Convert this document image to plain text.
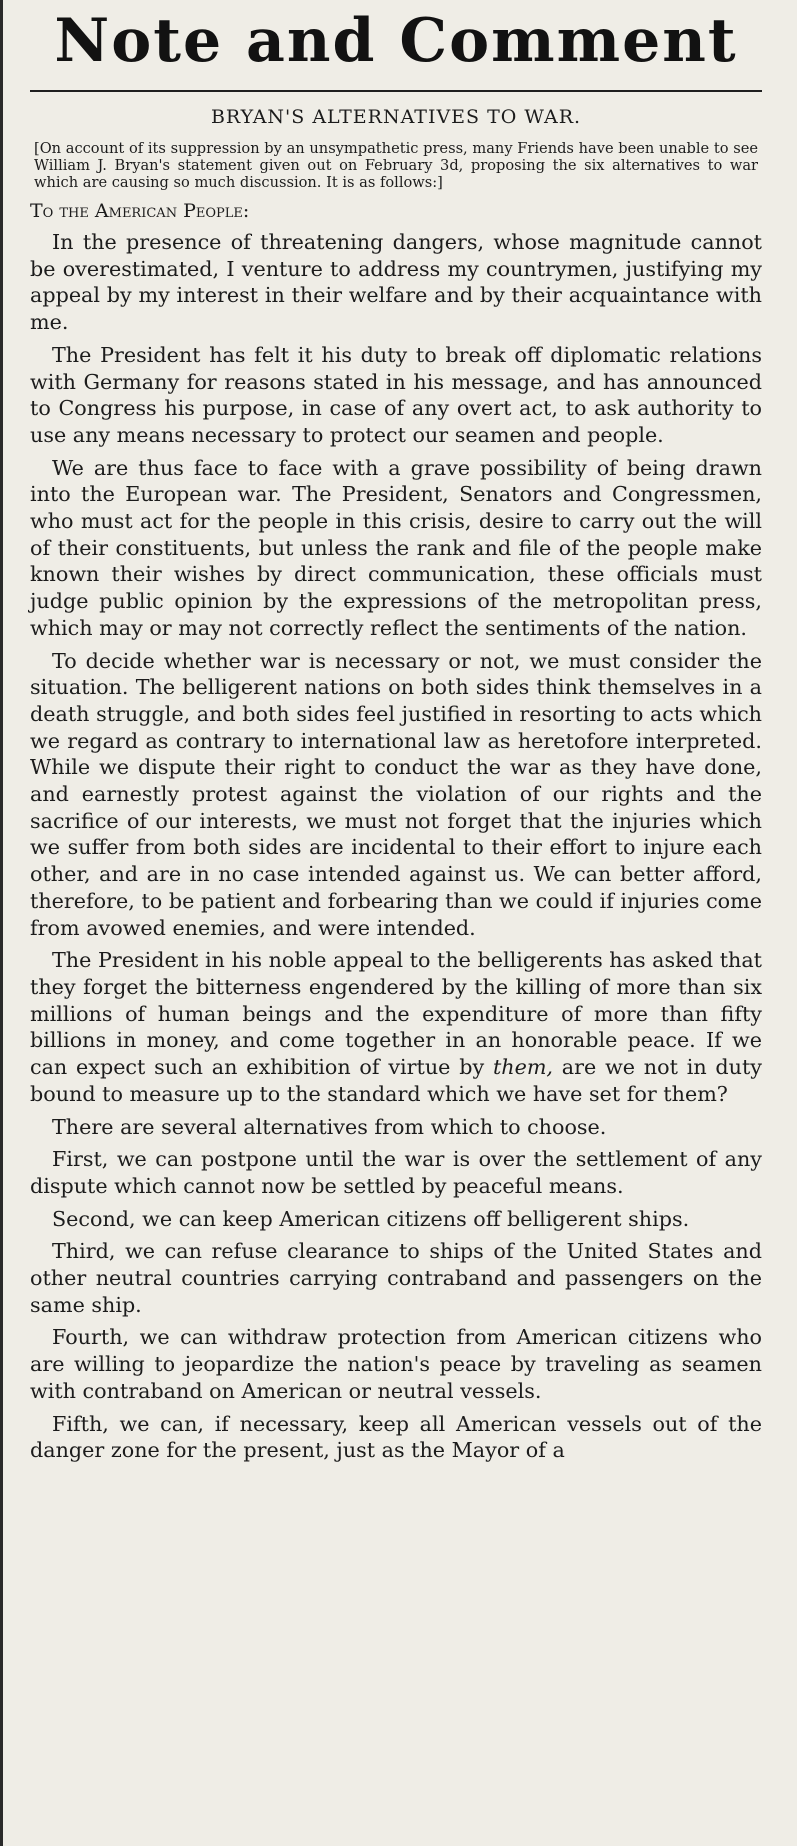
Note and Comment
BRYAN'S ALTERNATIVES TO WAR.

[On account of its suppression by an unsympathetic press, many Friends have been unable to see William J. Bryan's statement given out on February 3d, proposing the six alternatives to war which are causing so much discussion. It is as follows:]

To the American People:

In the presence of threatening dangers, whose magnitude cannot be overestimated, I venture to address my countrymen, justifying my appeal by my interest in their welfare and by their acquaintance with me.

The President has felt it his duty to break off diplomatic relations with Germany for reasons stated in his message, and has announced to Congress his purpose, in case of any overt act, to ask authority to use any means necessary to protect our seamen and people.

We are thus face to face with a grave possibility of being drawn into the European war. The President, Senators and Congressmen, who must act for the people in this crisis, desire to carry out the will of their constituents, but unless the rank and file of the people make known their wishes by direct communication, these officials must judge public opinion by the expressions of the metropolitan press, which may or may not correctly reflect the sentiments of the nation.

To decide whether war is necessary or not, we must consider the situation. The belligerent nations on both sides think themselves in a death struggle, and both sides feel justified in resorting to acts which we regard as contrary to international law as heretofore interpreted. While we dispute their right to conduct the war as they have done, and earnestly protest against the violation of our rights and the sacrifice of our interests, we must not forget that the injuries which we suffer from both sides are incidental to their effort to injure each other, and are in no case intended against us. We can better afford, therefore, to be patient and forbearing than we could if injuries come from avowed enemies, and were intended.

The President in his noble appeal to the belligerents has asked that they forget the bitterness engendered by the killing of more than six millions of human beings and the expenditure of more than fifty billions in money, and come together in an honorable peace. If we can expect such an exhibition of virtue by them, are we not in duty bound to measure up to the standard which we have set for them?

There are several alternatives from which to choose.

First, we can postpone until the war is over the settlement of any dispute which cannot now be settled by peaceful means.

Second, we can keep American citizens off belligerent ships.

Third, we can refuse clearance to ships of the United States and other neutral countries carrying contraband and passengers on the same ship.

Fourth, we can withdraw protection from American citizens who are willing to jeopardize the nation's peace by traveling as seamen with contraband on American or neutral vessels.

Fifth, we can, if necessary, keep all American vessels out of the danger zone for the present, just as the Mayor of a
